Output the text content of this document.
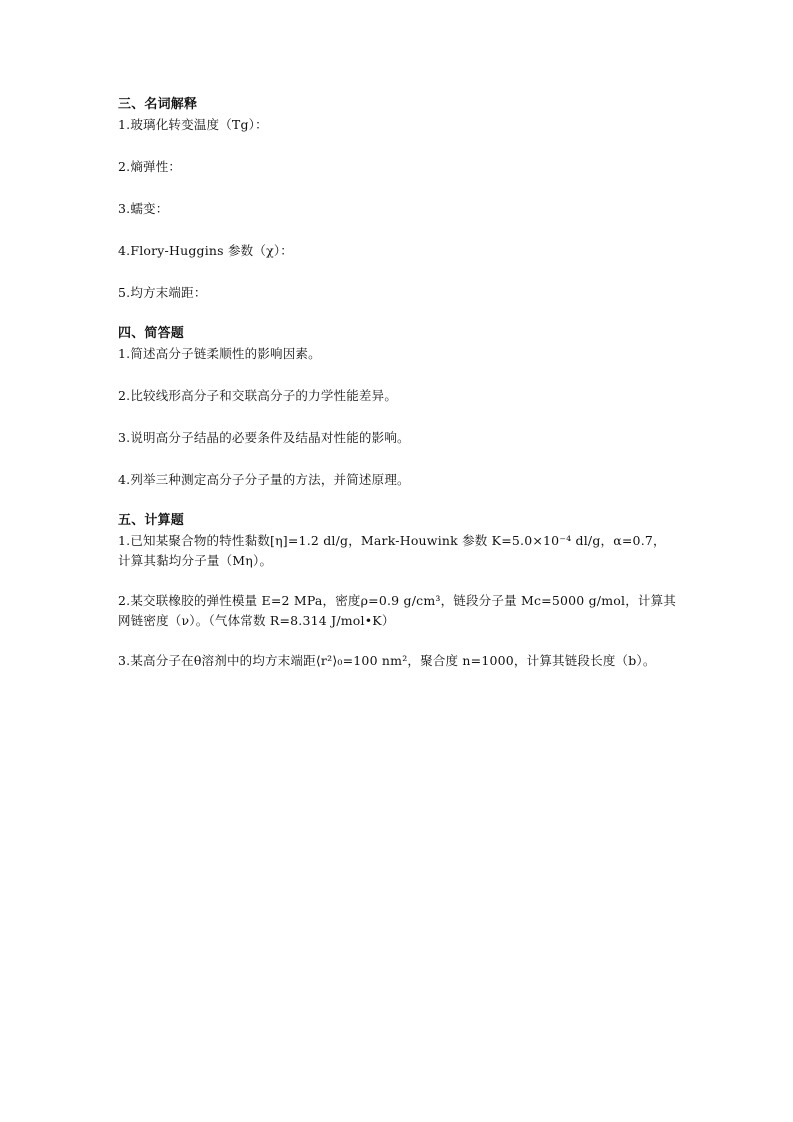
三、名词解释

1.玻璃化转变温度（Tg）：

2.熵弹性：

3.蠕变：

4.Flory-Huggins 参数（χ）：

5.均方末端距：

四、简答题

1.简述高分子链柔顺性的影响因素。

2.比较线形高分子和交联高分子的力学性能差异。

3.说明高分子结晶的必要条件及结晶对性能的影响。

4.列举三种测定高分子分子量的方法，并简述原理。

五、计算题

1.已知某聚合物的特性黏数[η]=1.2 dl/g，Mark-Houwink 参数 K=5.0×10⁻⁴ dl/g，α=0.7，计算其黏均分子量（Mη）。

2.某交联橡胶的弹性模量 E=2 MPa，密度ρ=0.9 g/cm³，链段分子量 Mc=5000 g/mol，计算其网链密度（ν）。（气体常数 R=8.314 J/mol•K）

3.某高分子在θ溶剂中的均方末端距⟨r²⟩₀=100 nm²，聚合度 n=1000，计算其链段长度（b）。
